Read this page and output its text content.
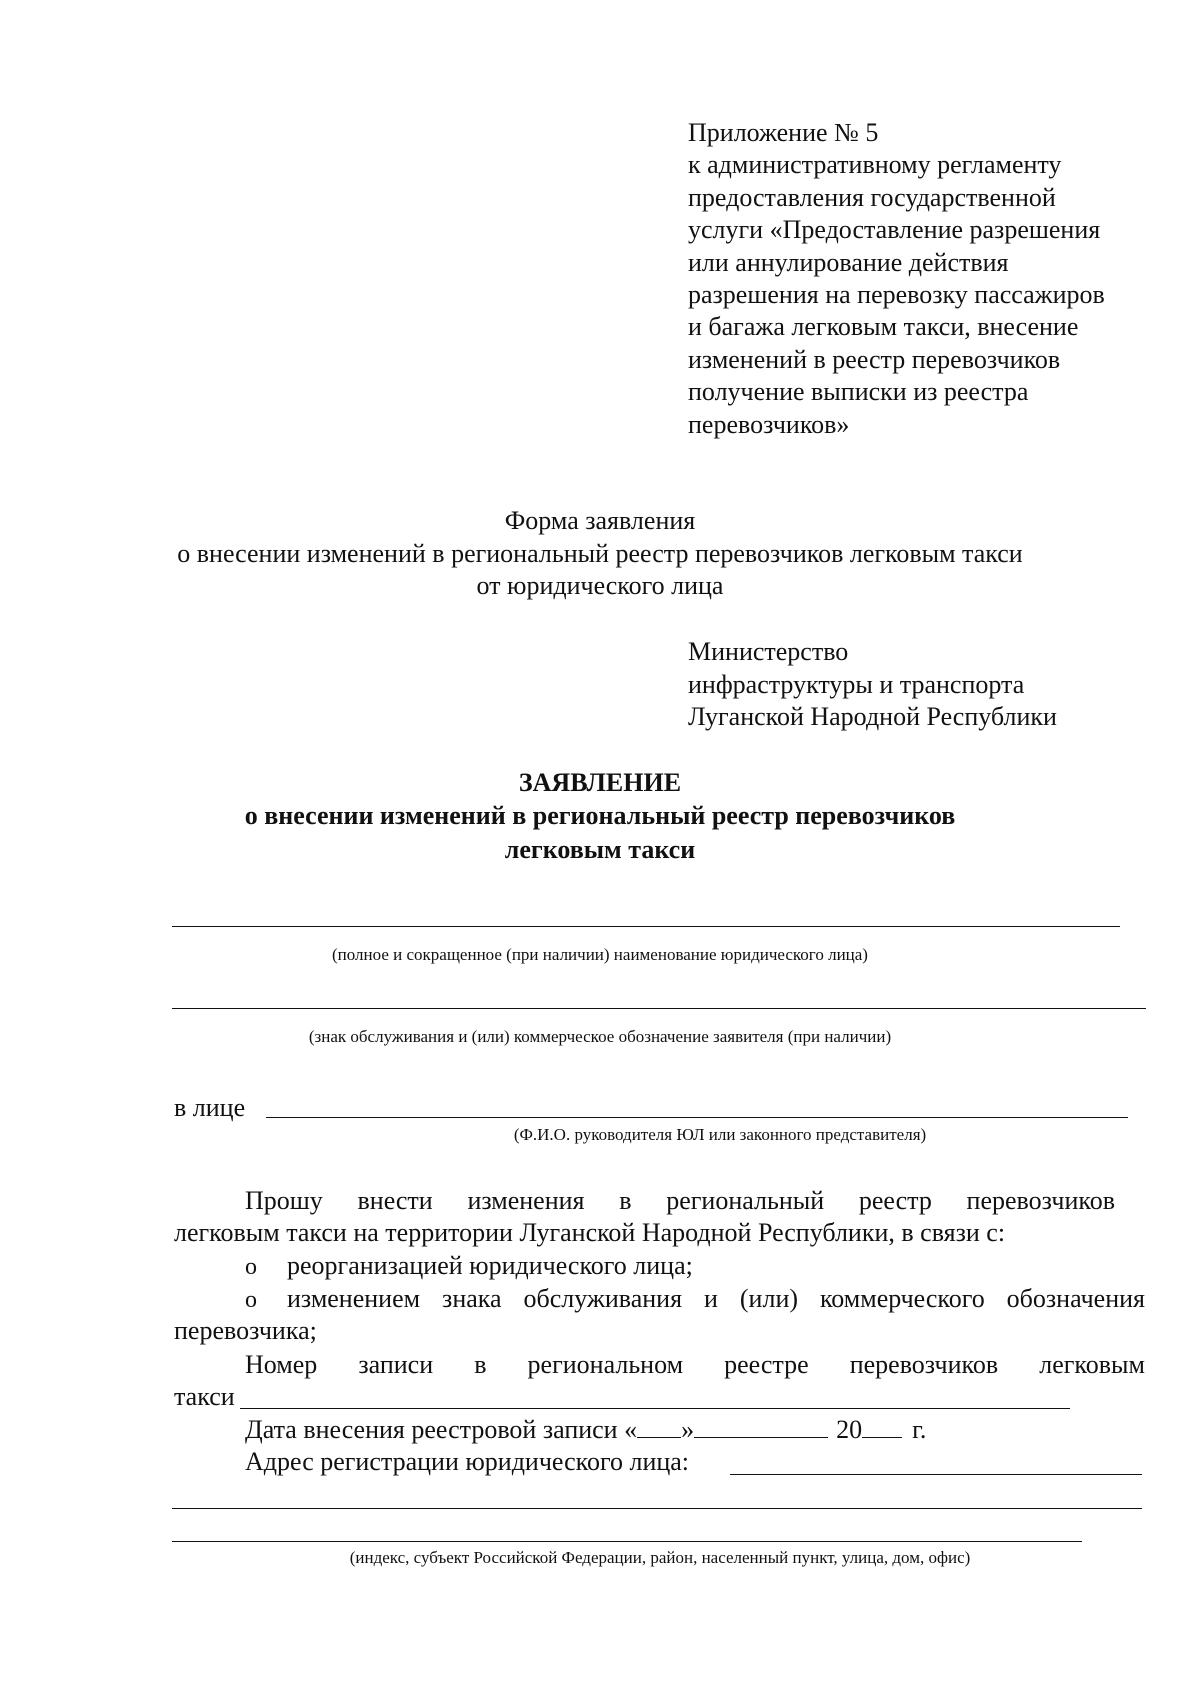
Приложение № 5
к административному регламенту
предоставления государственной
услуги «Предоставление разрешения
или аннулирование действия
разрешения на перевозку пассажиров
и багажа легковым такси, внесение
изменений в реестр перевозчиков
получение выписки из реестра
перевозчиков»
Форма заявления
о внесении изменений в региональный реестр перевозчиков легковым такси
от юридического лица
Министерство
инфраструктуры и транспорта
Луганской Народной Республики
ЗАЯВЛЕНИЕ
о внесении изменений в региональный реестр перевозчиков
легковым такси
(полное и сокращенное (при наличии) наименование юридического лица)
(знак обслуживания и (или) коммерческое обозначение заявителя (при наличии)
в лице
(Ф.И.О. руководителя ЮЛ или законного представителя)
Прошу внести изменения в региональный реестр перевозчиков
легковым такси на территории Луганской Народной Республики, в связи с:
o реорганизацией юридического лица;
o изменением знака обслуживания и (или) коммерческого обозначения
перевозчика;
Номер записи в региональном реестре перевозчиков легковым
такси
Дата внесения реестровой записи « »	20 г.
Адрес регистрации юридического лица:
(индекс, субъект Российской Федерации, район, населенный пункт, улица, дом, офис)
